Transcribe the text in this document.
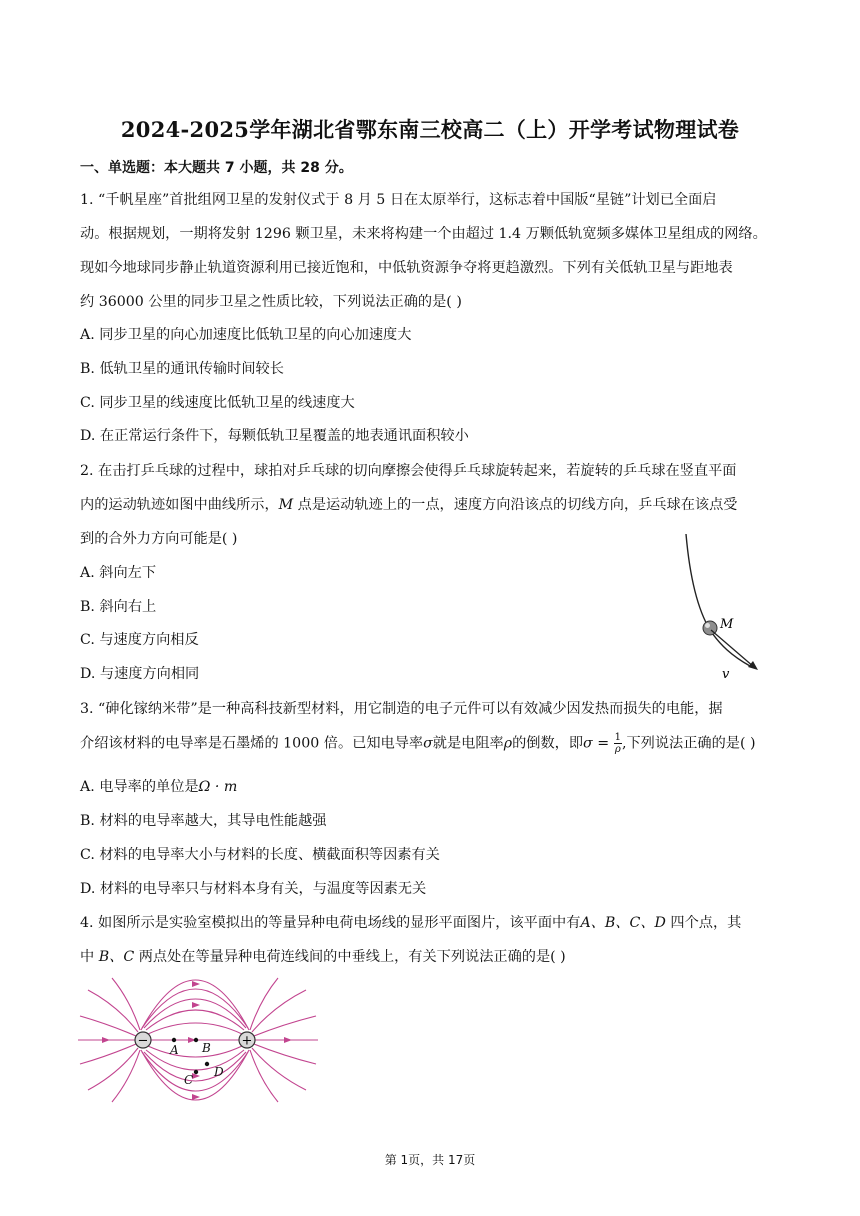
2024-2025学年湖北省鄂东南三校高二（上）开学考试物理试卷
一、单选题：本大题共 7 小题，共 28 分。
1. “千帆星座”首批组网卫星的发射仪式于 8 月 5 日在太原举行，这标志着中国版“星链”计划已全面启
动。根据规划，一期将发射 1296 颗卫星，未来将构建一个由超过 1.4 万颗低轨宽频多媒体卫星组成的网络。
现如今地球同步静止轨道资源利用已接近饱和，中低轨资源争夺将更趋激烈。下列有关低轨卫星与距地表
约 36000 公里的同步卫星之性质比较，下列说法正确的是( )
A. 同步卫星的向心加速度比低轨卫星的向心加速度大
B. 低轨卫星的通讯传输时间较长
C. 同步卫星的线速度比低轨卫星的线速度大
D. 在正常运行条件下，每颗低轨卫星覆盖的地表通讯面积较小
2. 在击打乒乓球的过程中，球拍对乒乓球的切向摩擦会使得乒乓球旋转起来，若旋转的乒乓球在竖直平面
内的运动轨迹如图中曲线所示，M 点是运动轨迹上的一点，速度方向沿该点的切线方向，乒乓球在该点受
到的合外力方向可能是( )
A. 斜向左下
B. 斜向右上
C. 与速度方向相反
D. 与速度方向相同
M
v
3. “砷化镓纳米带”是一种高科技新型材料，用它制造的电子元件可以有效减少因发热而损失的电能，据
介绍该材料的电导率是石墨烯的 1000 倍。已知电导率σ就是电阻率ρ的倒数，即$\sigma = \frac{1}{\rho}$ ,下列说法正确的是( )
A. 电导率的单位是Ω · m
B. 材料的电导率越大，其导电性能越强
C. 材料的电导率大小与材料的长度、横截面积等因素有关
D. 材料的电导率只与材料本身有关，与温度等因素无关
4. 如图所示是实验室模拟出的等量异种电荷电场线的显形平面图片，该平面中有A、B、C、D 四个点，其
中 B、C 两点处在等量异种电荷连线间的中垂线上，有关下列说法正确的是( )
−	+
A B
C
D
第 1页，共 17页
